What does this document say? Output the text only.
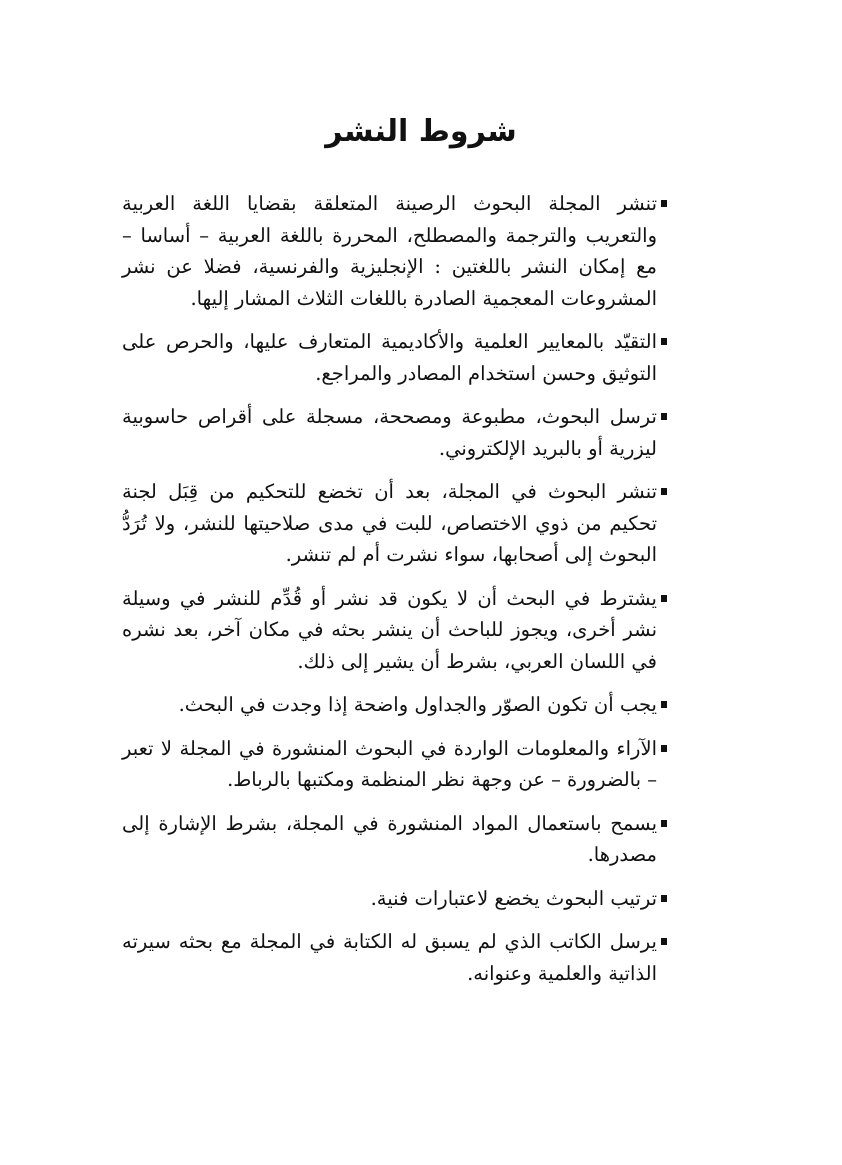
شروط النشر
تنشر المجلة البحوث الرصينة المتعلقة بقضايا اللغة العربية والتعريب والترجمة والمصطلح، المحررة باللغة العربية – أساسا – مع إمكان النشر باللغتين : الإنجليزية والفرنسية، فضلا عن نشر المشروعات المعجمية الصادرة باللغات الثلاث المشار إليها.
التقيّد بالمعايير العلمية والأكاديمية المتعارف عليها، والحرص على التوثيق وحسن استخدام المصادر والمراجع.
ترسل البحوث، مطبوعة ومصححة، مسجلة على أقراص حاسوبية ليزرية أو بالبريد الإلكتروني.
تنشر البحوث في المجلة، بعد أن تخضع للتحكيم من قِبَل لجنة تحكيم من ذوي الاختصاص، للبت في مدى صلاحيتها للنشر، ولا تُرَدُّ البحوث إلى أصحابها، سواء نشرت أم لم تنشر.
يشترط في البحث أن لا يكون قد نشر أو قُدِّم للنشر في وسيلة نشر أخرى، ويجوز للباحث أن ينشر بحثه في مكان آخر، بعد نشره في اللسان العربي، بشرط أن يشير إلى ذلك.
يجب أن تكون الصوّر والجداول واضحة إذا وجدت في البحث.
الآراء والمعلومات الواردة في البحوث المنشورة في المجلة لا تعبر – بالضرورة – عن وجهة نظر المنظمة ومكتبها بالرباط.
يسمح باستعمال المواد المنشورة في المجلة، بشرط الإشارة إلى مصدرها.
ترتيب البحوث يخضع لاعتبارات فنية.
يرسل الكاتب الذي لم يسبق له الكتابة في المجلة مع بحثه سيرته الذاتية والعلمية وعنوانه.
